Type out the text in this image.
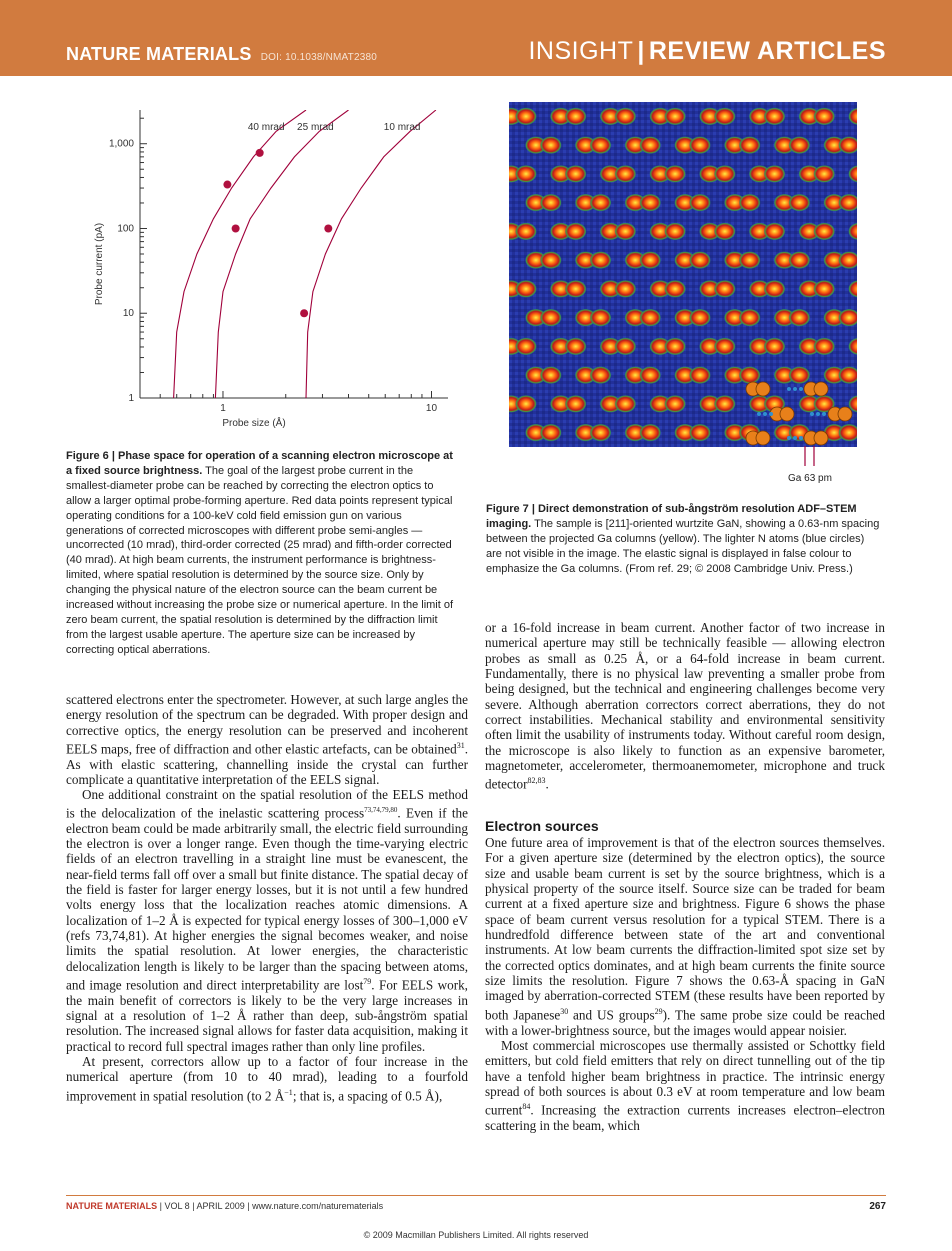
NATURE MATERIALS DOI: 10.1038/NMAT2380	INSIGHT | REVIEW ARTICLES
1	10
1
10
100
1,000
Probe size (Å)
Probe current (pA)
40 mrad 25 mrad	10 mrad
Ga 63 pm
Figure 6 | Phase space for operation of a scanning electron microscope at a fixed source brightness. The goal of the largest probe current in the smallest-diameter probe can be reached by correcting the electron optics to allow a larger optimal probe-forming aperture. Red data points represent typical operating conditions for a 100-keV cold field emission gun on various generations of corrected microscopes with different probe semi-angles — uncorrected (10 mrad), third-order corrected (25 mrad) and fifth-order corrected (40 mrad). At high beam currents, the instrument performance is brightness-limited, where spatial resolution is determined by the source size. Only by changing the physical nature of the electron source can the beam current be increased without increasing the probe size or numerical aperture. In the limit of zero beam current, the spatial resolution is determined by the diffraction limit from the largest usable aperture. The aperture size can be increased by correcting optical aberrations.
Figure 7 | Direct demonstration of sub-ångström resolution ADF–STEM imaging. The sample is [211]-oriented wurtzite GaN, showing a 0.63-nm spacing between the projected Ga columns (yellow). The lighter N atoms (blue circles) are not visible in the image. The elastic signal is displayed in false colour to emphasize the Ga columns. (From ref. 29; © 2008 Cambridge Univ. Press.)

scattered electrons enter the spectrometer. However, at such large angles the energy resolution of the spectrum can be degraded. With proper design and corrective optics, the energy resolution can be preserved and incoherent EELS maps, free of diffraction and other elastic artefacts, can be obtained$^{31}$. As with elastic scattering, channelling inside the crystal can further complicate a quantitative interpretation of the EELS signal.

One additional constraint on the spatial resolution of the EELS method is the delocalization of the inelastic scattering process$^{73,74,79,80}$. Even if the electron beam could be made arbitrarily small, the electric field surrounding the electron is over a longer range. Even though the time-varying electric fields of an electron travelling in a straight line must be evanescent, the near-field terms fall off over a small but finite distance. The spatial decay of the field is faster for larger energy losses, but it is not until a few hundred volts energy loss that the localization reaches atomic dimensions. A localization of 1–2 Å is expected for typical energy losses of 300–1,000 eV (refs 73,74,81). At higher energies the signal becomes weaker, and noise limits the spatial resolution. At lower energies, the characteristic delocalization length is likely to be larger than the spacing between atoms, and image resolution and direct interpretability are lost$^{79}$. For EELS work, the main benefit of correctors is likely to be the very large increases in signal at a resolution of 1–2 Å rather than deep, sub-ångström spatial resolution. The increased signal allows for faster data acquisition, making it practical to record full spectral images rather than only line profiles.

At present, correctors allow up to a factor of four increase in the numerical aperture (from 10 to 40 mrad), leading to a fourfold improvement in spatial resolution (to 2 $Å^{-1}$; that is, a spacing of 0.5 Å),

or a 16-fold increase in beam current. Another factor of two increase in numerical aperture may still be technically feasible — allowing electron probes as small as 0.25 Å, or a 64-fold increase in beam current. Fundamentally, there is no physical law preventing a smaller probe from being designed, but the technical and engineering challenges become very severe. Although aberration correctors correct aberrations, they do not correct instabilities. Mechanical stability and environmental sensitivity often limit the usability of instruments today. Without careful room design, the microscope is also likely to function as an expensive barometer, magnetometer, accelerometer, thermoanemometer, microphone and truck detector$^{82,83}$.

Electron sources

One future area of improvement is that of the electron sources themselves. For a given aperture size (determined by the electron optics), the source size and usable beam current is set by the source brightness, which is a physical property of the source itself. Source size can be traded for beam current at a fixed aperture size and brightness. Figure 6 shows the phase space of beam current versus resolution for a typical STEM. There is a hundredfold difference between state of the art and conventional instruments. At low beam currents the diffraction-limited spot size set by the corrected optics dominates, and at high beam currents the finite source size limits the resolution. Figure 7 shows the 0.63-Å spacing in GaN imaged by aberration-corrected STEM (these results have been reported by both Japanese$^{30}$ and US groups$^{29}$). The same probe size could be reached with a lower-brightness source, but the images would appear noisier.

Most commercial microscopes use thermally assisted or Schottky field emitters, but cold field emitters that rely on direct tunnelling out of the tip have a tenfold higher beam brightness in practice. The intrinsic energy spread of both sources is about 0.3 eV at room temperature and low beam current$^{84}$. Increasing the extraction currents increases electron–electron scattering in the beam, which

NATURE MATERIALS | VOL 8 | APRIL 2009 | www.nature.com/naturematerials	267
© 2009 Macmillan Publishers Limited. All rights reserved
